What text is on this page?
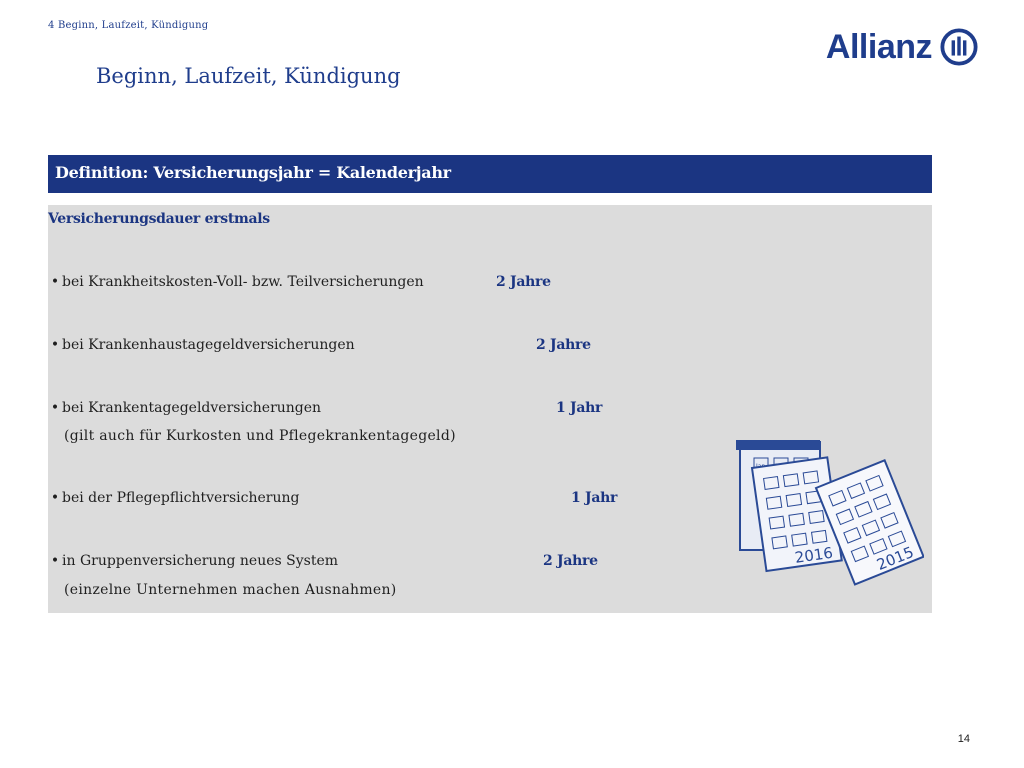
4 Beginn, Laufzeit, Kündigung
Beginn, Laufzeit, Kündigung
Allianz
Definition: Versicherungsjahr = Kalenderjahr
Versicherungsdauer erstmals
• bei Krankheitskosten-Voll- bzw. Teilversicherungen	2 Jahre
• bei Krankenhaustagegeldversicherungen	2 Jahre
• bei Krankentagegeldversicherungen	1 Jahr
(gilt auch für Kurkosten und Pflegekrankentagegeld)
• bei der Pflegepflichtversicherung	1 Jahr
• in Gruppenversicherung neues System	2 Jahre
(einzelne Unternehmen machen Ausnahmen)
2016	2015
14
